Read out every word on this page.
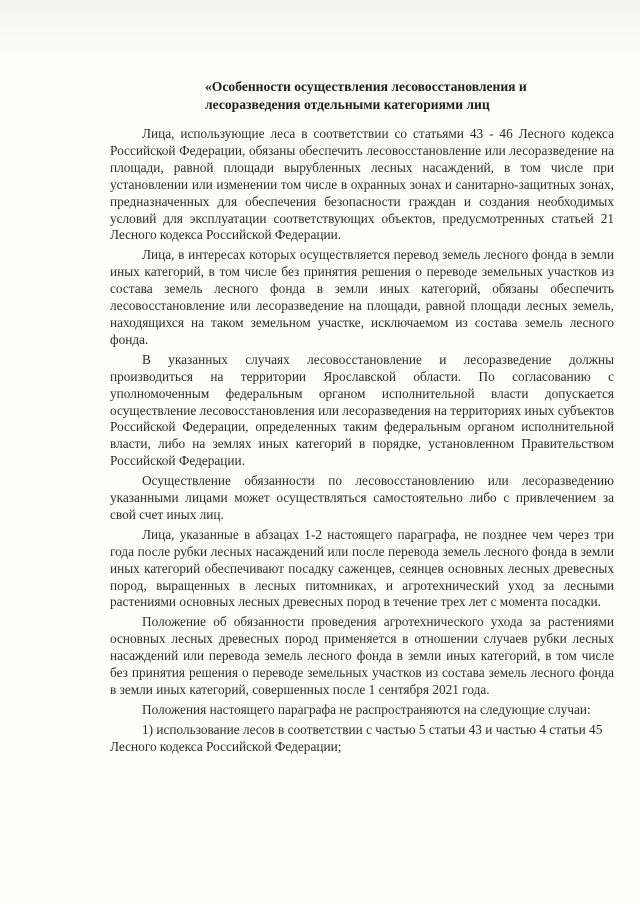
«Особенности осуществления лесовосстановления и
лесоразведения отдельными категориями лиц

Лица, использующие леса в соответствии со статьями 43 - 46 Лесного кодекса Российской Федерации, обязаны обеспечить лесовосстановление или лесоразведение на площади, равной площади вырубленных лесных насаждений, в том числе при установлении или изменении том числе в охранных зонах и санитарно-защитных зонах, предназначенных для обеспечения безопасности граждан и создания необходимых условий для эксплуатации соответствующих объектов, предусмотренных статьей 21 Лесного кодекса Российской Федерации.

Лица, в интересах которых осуществляется перевод земель лесного фонда в земли иных категорий, в том числе без принятия решения о переводе земельных участков из состава земель лесного фонда в земли иных категорий, обязаны обеспечить лесовосстановление или лесоразведение на площади, равной площади лесных земель, находящихся на таком земельном участке, исключаемом из состава земель лесного фонда.

В указанных случаях лесовосстановление и лесоразведение должны производиться на территории Ярославской области. По согласованию с уполномоченным федеральным органом исполнительной власти допускается осуществление лесовосстановления или лесоразведения на территориях иных субъектов Российской Федерации, определенных таким федеральным органом исполнительной власти, либо на землях иных категорий в порядке, установленном Правительством Российской Федерации.

Осуществление обязанности по лесовосстановлению или лесоразведению указанными лицами может осуществляться самостоятельно либо с привлечением за свой счет иных лиц.

Лица, указанные в абзацах 1-2 настоящего параграфа, не позднее чем через три года после рубки лесных насаждений или после перевода земель лесного фонда в земли иных категорий обеспечивают посадку саженцев, сеянцев основных лесных древесных пород, выращенных в лесных питомниках, и агротехнический уход за лесными растениями основных лесных древесных пород в течение трех лет с момента посадки.

Положение об обязанности проведения агротехнического ухода за растениями основных лесных древесных пород применяется в отношении случаев рубки лесных насаждений или перевода земель лесного фонда в земли иных категорий, в том числе без принятия решения о переводе земельных участков из состава земель лесного фонда в земли иных категорий, совершенных после 1 сентября 2021 года.

Положения настоящего параграфа не распространяются на следующие случаи:

1) использование лесов в соответствии с частью 5 статьи 43 и частью 4 статьи 45 Лесного кодекса Российской Федерации;
